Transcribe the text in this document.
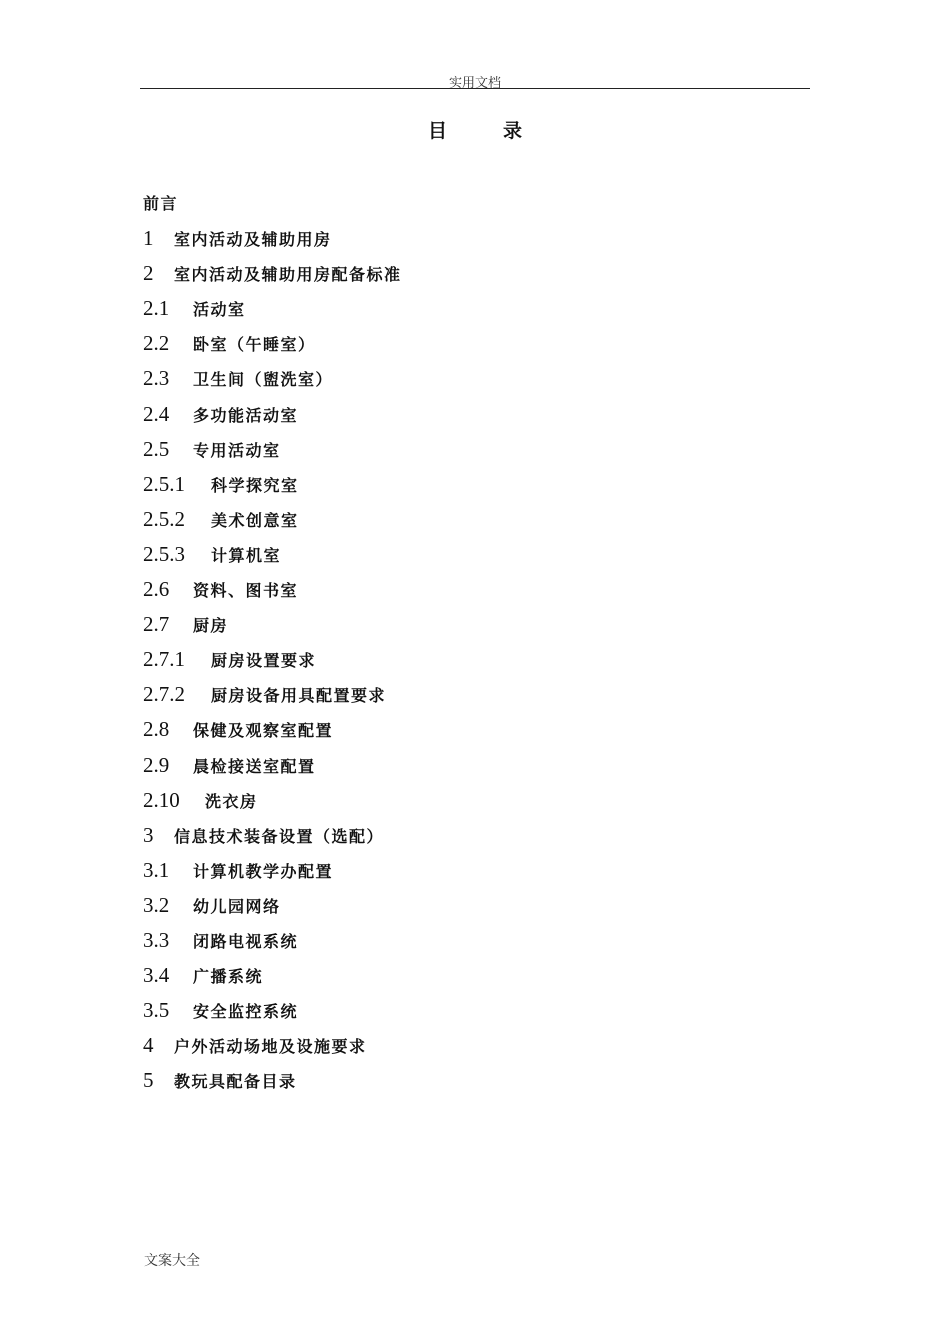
实用文档
目	录
前言
1 室内活动及辅助用房
2 室内活动及辅助用房配备标准
2.1 活动室
2.2 卧室（午睡室）
2.3 卫生间（盥洗室）
2.4 多功能活动室
2.5 专用活动室
2.5.1 科学探究室
2.5.2 美术创意室
2.5.3 计算机室
2.6 资料、图书室
2.7 厨房
2.7.1 厨房设置要求
2.7.2 厨房设备用具配置要求
2.8 保健及观察室配置
2.9 晨检接送室配置
2.10 洗衣房
3 信息技术装备设置（选配）
3.1 计算机教学办配置
3.2 幼儿园网络
3.3 闭路电视系统
3.4 广播系统
3.5 安全监控系统
4 户外活动场地及设施要求
5 教玩具配备目录
文案大全
